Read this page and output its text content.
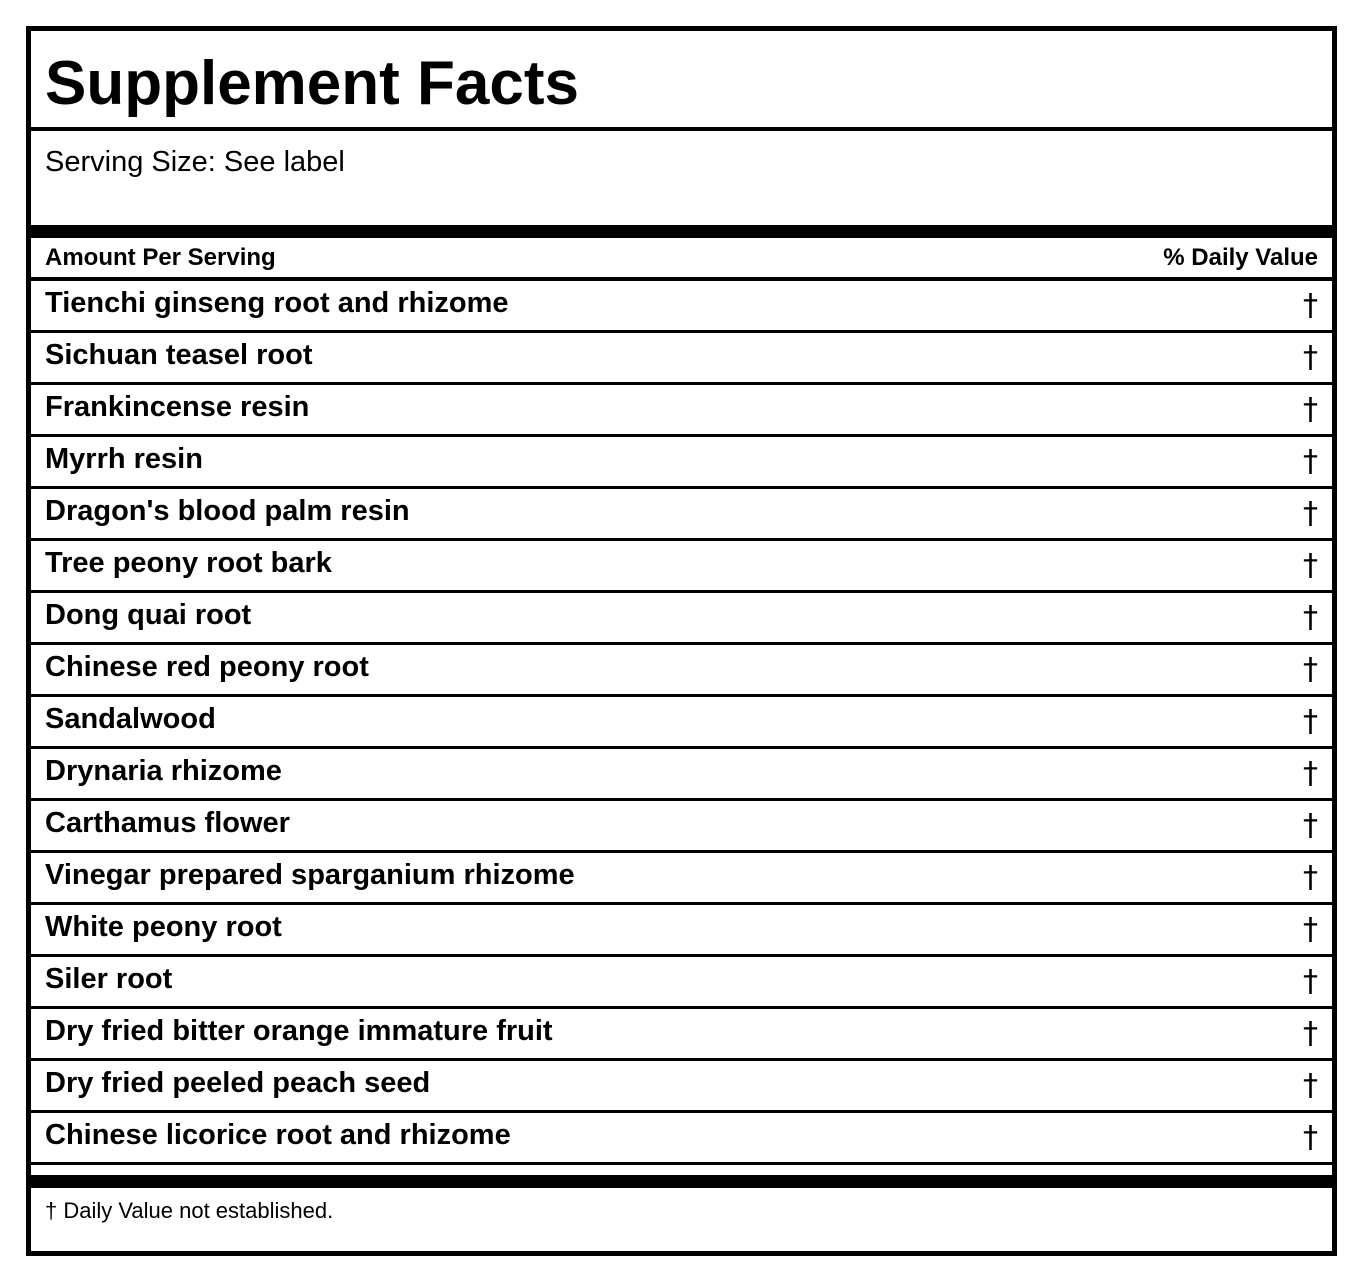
Supplement Facts
Serving Size: See label
Amount Per Serving	% Daily Value
Tienchi ginseng root and rhizome	†
Sichuan teasel root	†
Frankincense resin	†
Myrrh resin	†
Dragon's blood palm resin	†
Tree peony root bark	†
Dong quai root	†
Chinese red peony root	†
Sandalwood	†
Drynaria rhizome	†
Carthamus flower	†
Vinegar prepared sparganium rhizome	†
White peony root	†
Siler root	†
Dry fried bitter orange immature fruit	†
Dry fried peeled peach seed	†
Chinese licorice root and rhizome	†
† Daily Value not established.
